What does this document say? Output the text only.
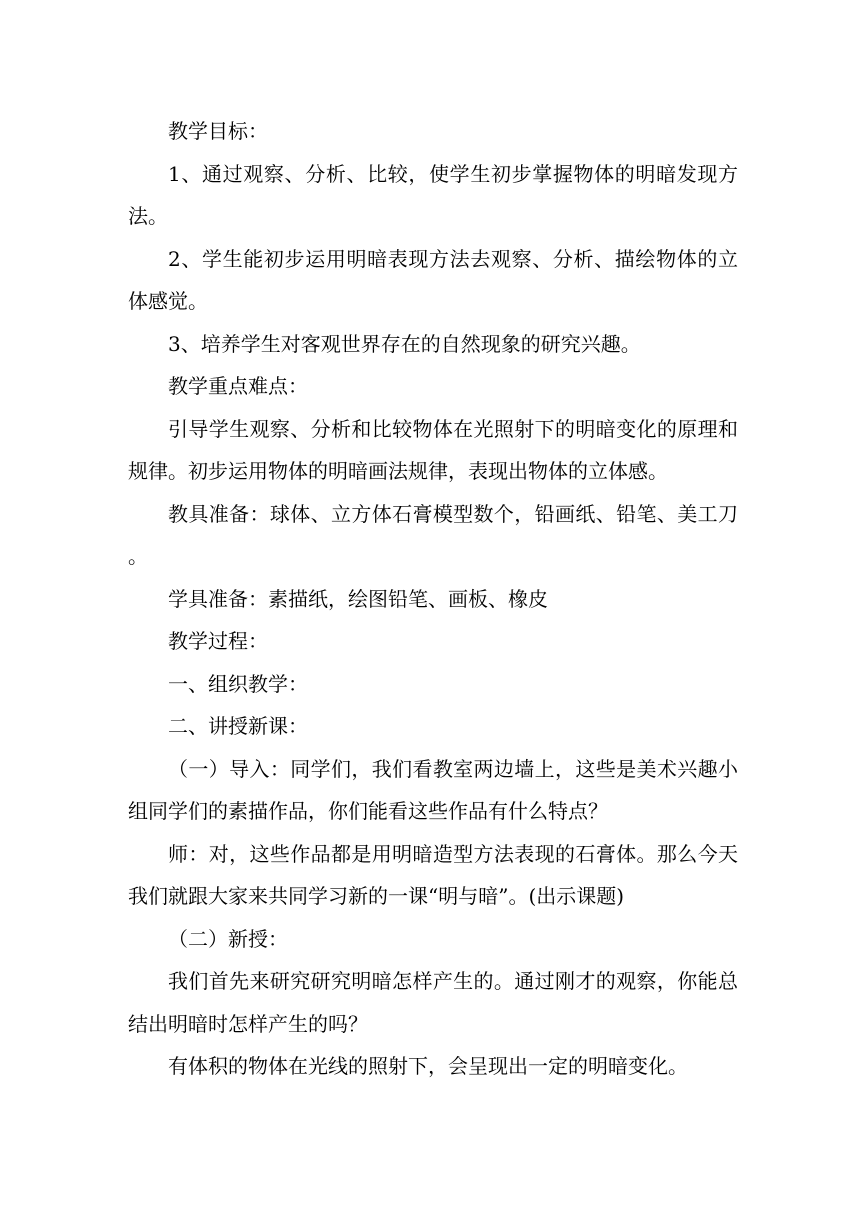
教学目标：

1、通过观察、分析、比较，使学生初步掌握物体的明暗发现方法。

2、学生能初步运用明暗表现方法去观察、分析、描绘物体的立体感觉。

3、培养学生对客观世界存在的自然现象的研究兴趣。

教学重点难点：

引导学生观察、分析和比较物体在光照射下的明暗变化的原理和规律。初步运用物体的明暗画法规律，表现出物体的立体感。

教具准备：球体、立方体石膏模型数个，铅画纸、铅笔、美工刀。

学具准备：素描纸，绘图铅笔、画板、橡皮

教学过程：

一、组织教学：

二、讲授新课：

（一）导入：同学们，我们看教室两边墙上，这些是美术兴趣小组同学们的素描作品，你们能看这些作品有什么特点？

师：对，这些作品都是用明暗造型方法表现的石膏体。那么今天我们就跟大家来共同学习新的一课“明与暗”。(出示课题)

（二）新授：

我们首先来研究研究明暗怎样产生的。通过刚才的观察，你能总结出明暗时怎样产生的吗？

有体积的物体在光线的照射下，会呈现出一定的明暗变化。
